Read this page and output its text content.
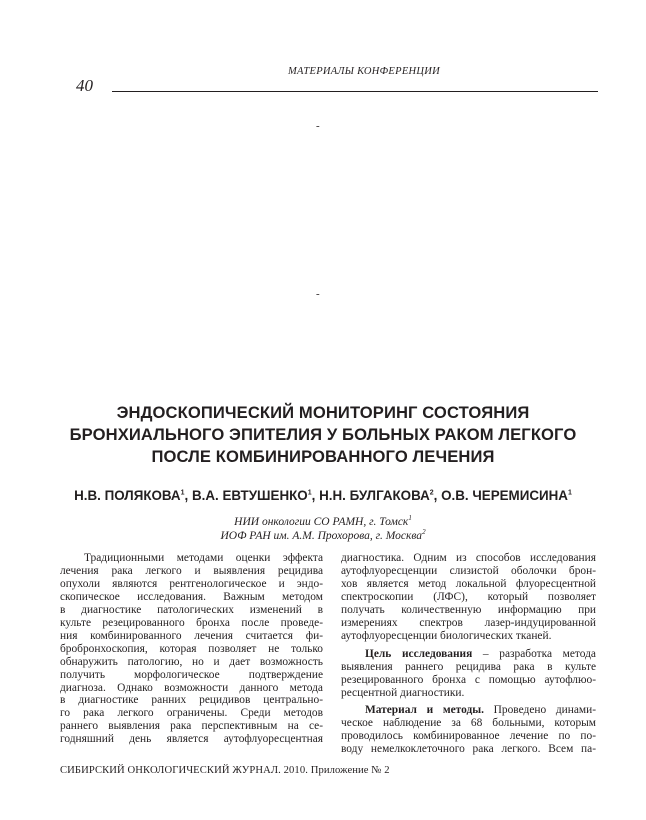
40
МАТЕРИАЛЫ КОНФЕРЕНЦИИ
-
-
ЭНДОСКОПИЧЕСКИЙ МОНИТОРИНГ СОСТОЯНИЯ
БРОНХИАЛЬНОГО ЭПИТЕЛИЯ У БОЛЬНЫХ РАКОМ ЛЕГКОГО
ПОСЛЕ КОМБИНИРОВАННОГО ЛЕЧЕНИЯ
Н.В. ПОЛЯКОВА$^1$, В.А. ЕВТУШЕНКО$^1$, Н.Н. БУЛГАКОВА$^2$, О.В. ЧЕРЕМИСИНА$^1$
НИИ онкологии СО РАМН, г. Томск$^1$
ИОФ РАН им. А.М. Прохорова, г. Москва$^2$
Традиционными методами оценки эффекта
лечения рака легкого и выявления рецидива
опухоли являются рентгенологическое и эндо-
скопическое исследования. Важным методом
в диагностике патологических изменений в
культе резецированного бронха после проведе-
ния комбинированного лечения считается фи-
бробронхоскопия, которая позволяет не только
обнаружить патологию, но и дает возможность
получить морфологическое подтверждение
диагноза. Однако возможности данного метода
в диагностике ранних рецидивов центрально-
го рака легкого ограничены. Среди методов
раннего выявления рака перспективным на се-
годняшний день является аутофлуоресцентная
диагностика. Одним из способов исследования
аутофлуоресценции слизистой оболочки брон-
хов является метод локальной флуоресцентной
спектроскопии (ЛФС), который позволяет
получать количественную информацию при
измерениях спектров лазер-индуцированной
аутофлуоресценции биологических тканей.
Цель исследования – разработка метода
выявления раннего рецидива рака в культе
резецированного бронха с помощью аутофлюо-
ресцентной диагностики.
Материал и методы. Проведено динами-
ческое наблюдение за 68 больными, которым
проводилось комбинированное лечение по по-
воду немелкоклеточного рака легкого. Всем па-
СИБИРСКИЙ ОНКОЛОГИЧЕСКИЙ ЖУРНАЛ. 2010. Приложение № 2
